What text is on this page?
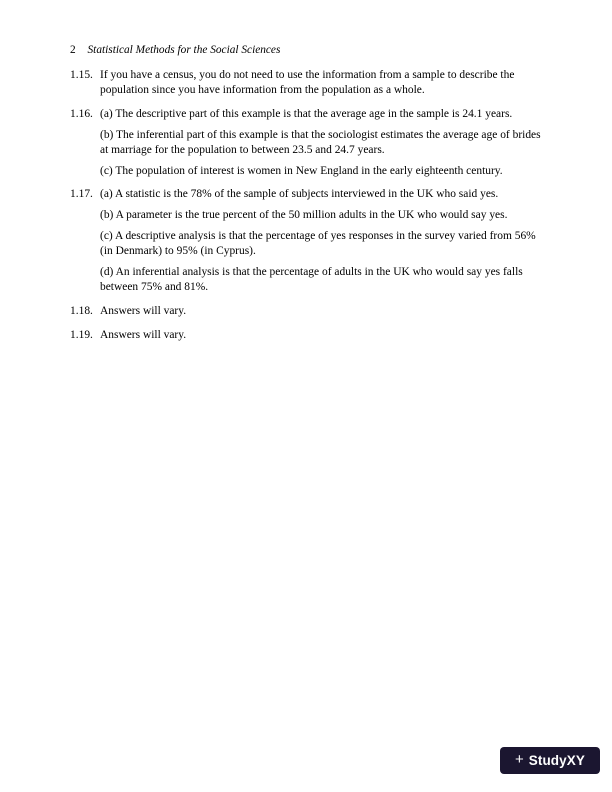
2 Statistical Methods for the Social Sciences
1.15. If you have a census, you do not need to use the information from a sample to describe the population since you have information from the population as a whole.

1.16. (a) The descriptive part of this example is that the average age in the sample is 24.1 years.

(b) The inferential part of this example is that the sociologist estimates the average age of brides at marriage for the population to between 23.5 and 24.7 years.

(c) The population of interest is women in New England in the early eighteenth century.

1.17. (a) A statistic is the 78% of the sample of subjects interviewed in the UK who said yes.

(b) A parameter is the true percent of the 50 million adults in the UK who would say yes.

(c) A descriptive analysis is that the percentage of yes responses in the survey varied from 56% (in Denmark) to 95% (in Cyprus).

(d) An inferential analysis is that the percentage of adults in the UK who would say yes falls between 75% and 81%.

1.18. Answers will vary.

1.19. Answers will vary.

+ StudyXY
